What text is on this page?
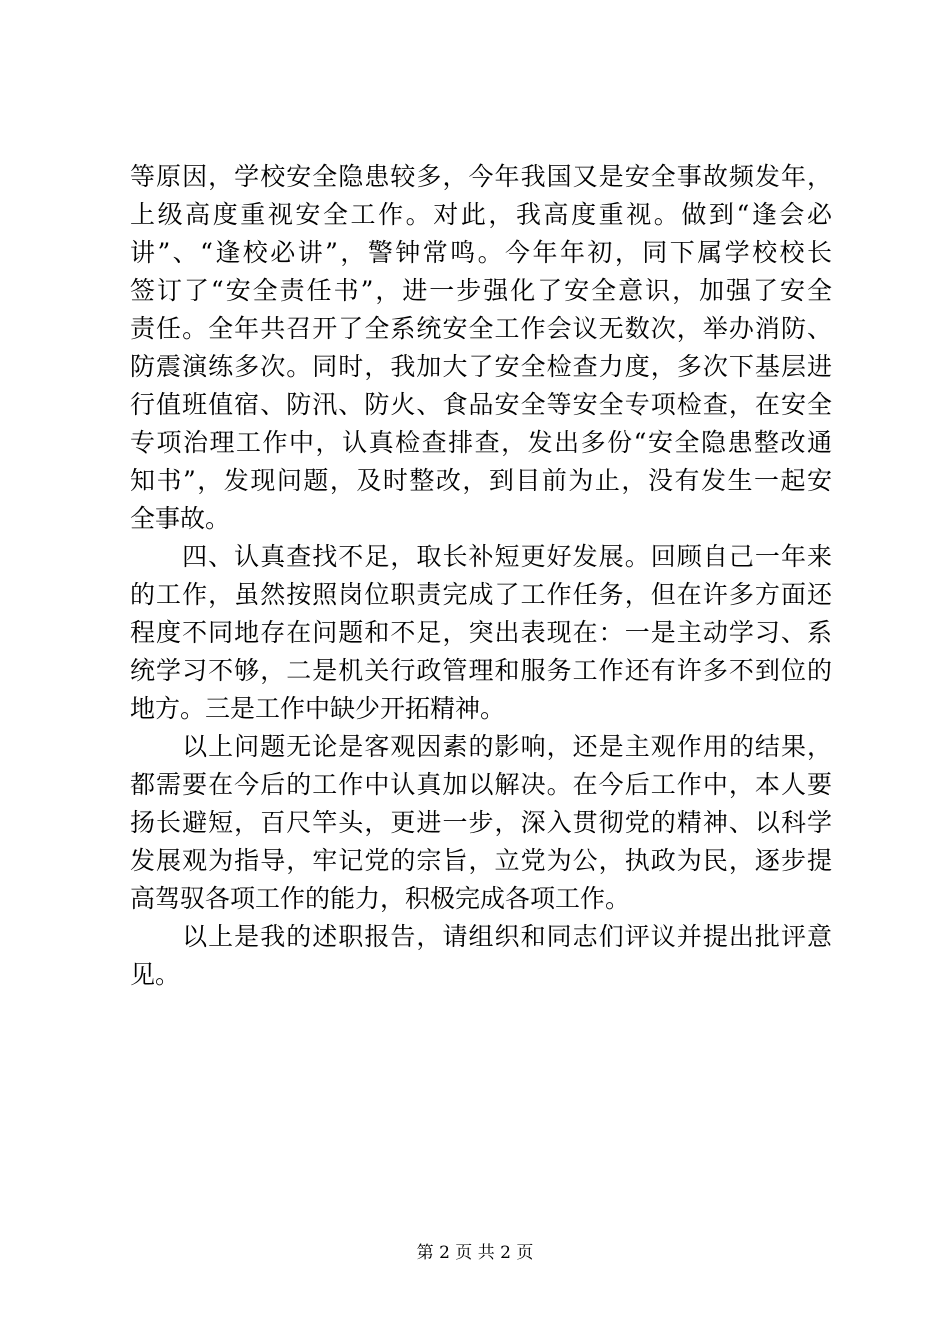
等原因，学校安全隐患较多，今年我国又是安全事故频发年，
上级高度重视安全工作。对此，我高度重视。做到“逢会必
讲”、“逢校必讲”，警钟常鸣。今年年初，同下属学校校长
签订了“安全责任书”，进一步强化了安全意识，加强了安全
责任。全年共召开了全系统安全工作会议无数次，举办消防、
防震演练多次。同时，我加大了安全检查力度，多次下基层进
行值班值宿、防汛、防火、食品安全等安全专项检查，在安全
专项治理工作中，认真检查排查，发出多份“安全隐患整改通
知书”，发现问题，及时整改，到目前为止，没有发生一起安
全事故。
　　四、认真查找不足，取长补短更好发展。回顾自己一年来
的工作，虽然按照岗位职责完成了工作任务，但在许多方面还
程度不同地存在问题和不足，突出表现在：一是主动学习、系
统学习不够，二是机关行政管理和服务工作还有许多不到位的
地方。三是工作中缺少开拓精神。
　　以上问题无论是客观因素的影响，还是主观作用的结果，
都需要在今后的工作中认真加以解决。在今后工作中，本人要
扬长避短，百尺竿头，更进一步，深入贯彻党的精神、以科学
发展观为指导，牢记党的宗旨，立党为公，执政为民，逐步提
高驾驭各项工作的能力，积极完成各项工作。
　　以上是我的述职报告，请组织和同志们评议并提出批评意
见。
第 2 页 共 2 页
